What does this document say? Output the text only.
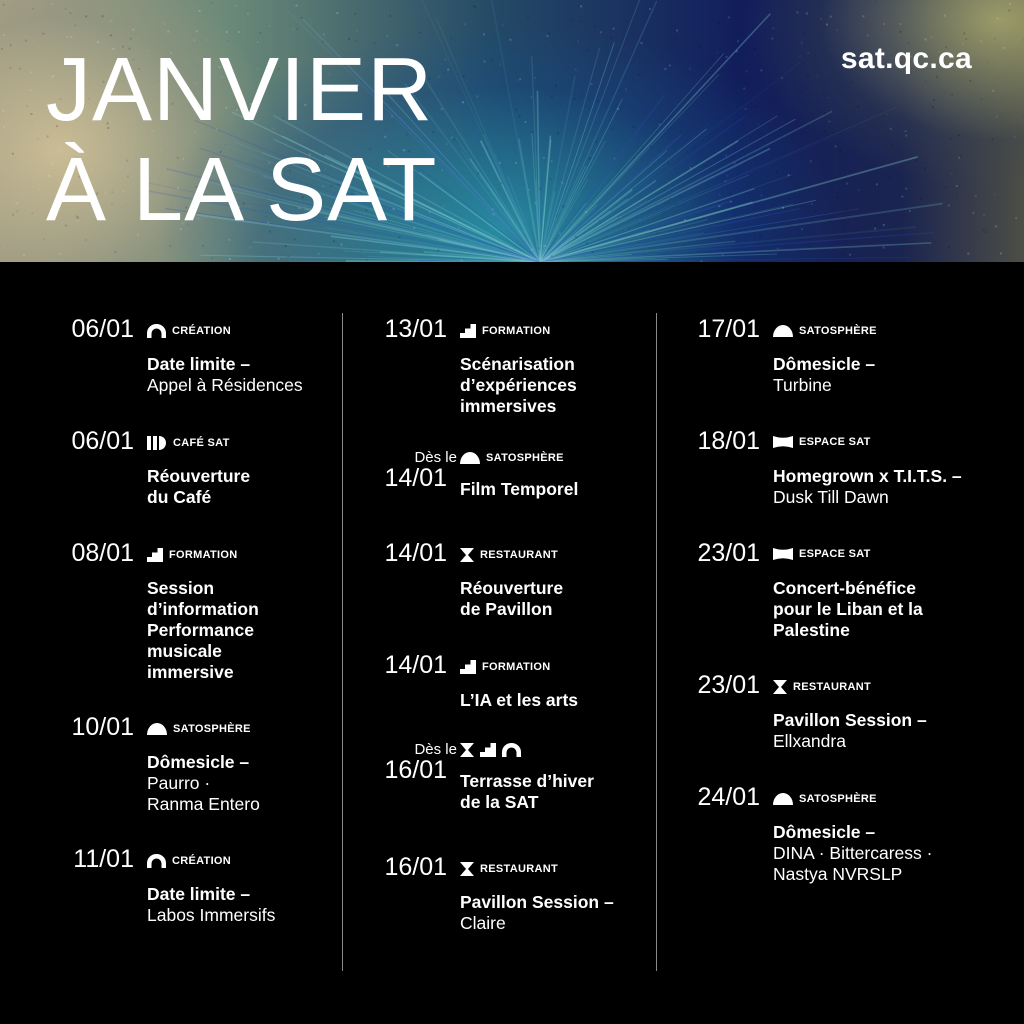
JANVIER
À LA SAT
sat.qc.ca
06/01	CRÉATION
Date limite –
Appel à Résidences
06/01	CAFÉ SAT
Réouverture
du Café
08/01	FORMATION
Session
d’information
Performance
musicale
immersive
10/01	SATOSPHÈRE
Dômesicle –
Paurro ·
Ranma Entero
11/01	CRÉATION
Date limite –
Labos Immersifs
13/01	FORMATION
Scénarisation
d’expériences
immersives
Dès le
14/01
SATOSPHÈRE
Film Temporel
14/01	RESTAURANT
Réouverture
de Pavillon
14/01	FORMATION
L’IA et les arts
Dès le
16/01 Terrasse d’hiver
de la SAT
16/01	RESTAURANT
Pavillon Session –
Claire
17/01	SATOSPHÈRE
Dômesicle –
Turbine
18/01	ESPACE SAT
Homegrown x T.I.T.S. –
Dusk Till Dawn
23/01	ESPACE SAT
Concert-bénéfice
pour le Liban et la
Palestine
23/01	RESTAURANT
Pavillon Session –
Ellxandra
24/01	SATOSPHÈRE
Dômesicle –
DINA · Bittercaress ·
Nastya NVRSLP
